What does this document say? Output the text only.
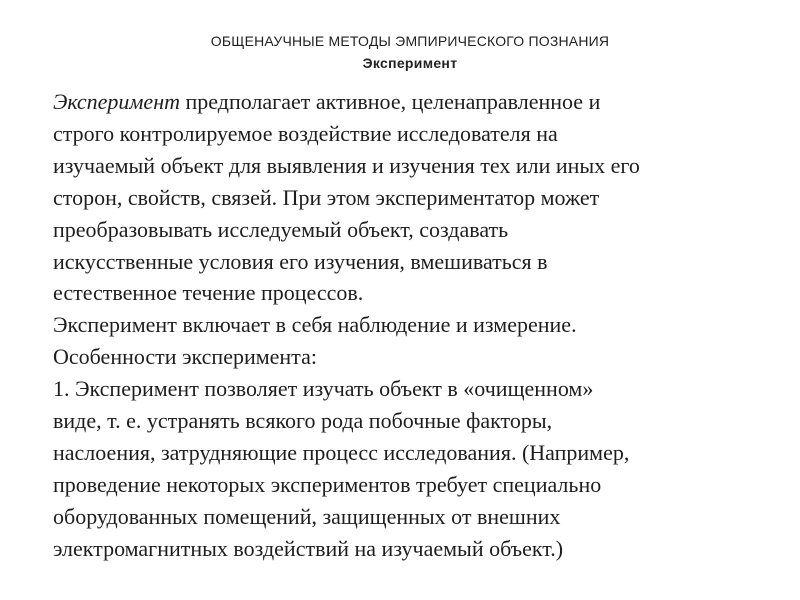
ОБЩЕНАУЧНЫЕ МЕТОДЫ ЭМПИРИЧЕСКОГО ПОЗНАНИЯ
Эксперимент
Эксперимент предполагает активное, целенаправленное и
строго контролируемое воздействие исследователя на
изучаемый объект для выявления и изучения тех или иных его
сторон, свойств, связей. При этом экспериментатор может
преобразовывать исследуемый объект, создавать
искусственные условия его изучения, вмешиваться в
естественное течение процессов.
Эксперимент включает в себя наблюдение и измерение.
Особенности эксперимента:
1. Эксперимент позволяет изучать объект в «очищенном»
виде, т. е. устранять всякого рода побочные факторы,
наслоения, затрудняющие процесс исследования. (Например,
проведение некоторых экспериментов требует специально
оборудованных помещений, защищенных от внешних
электромагнитных воздействий на изучаемый объект.)
